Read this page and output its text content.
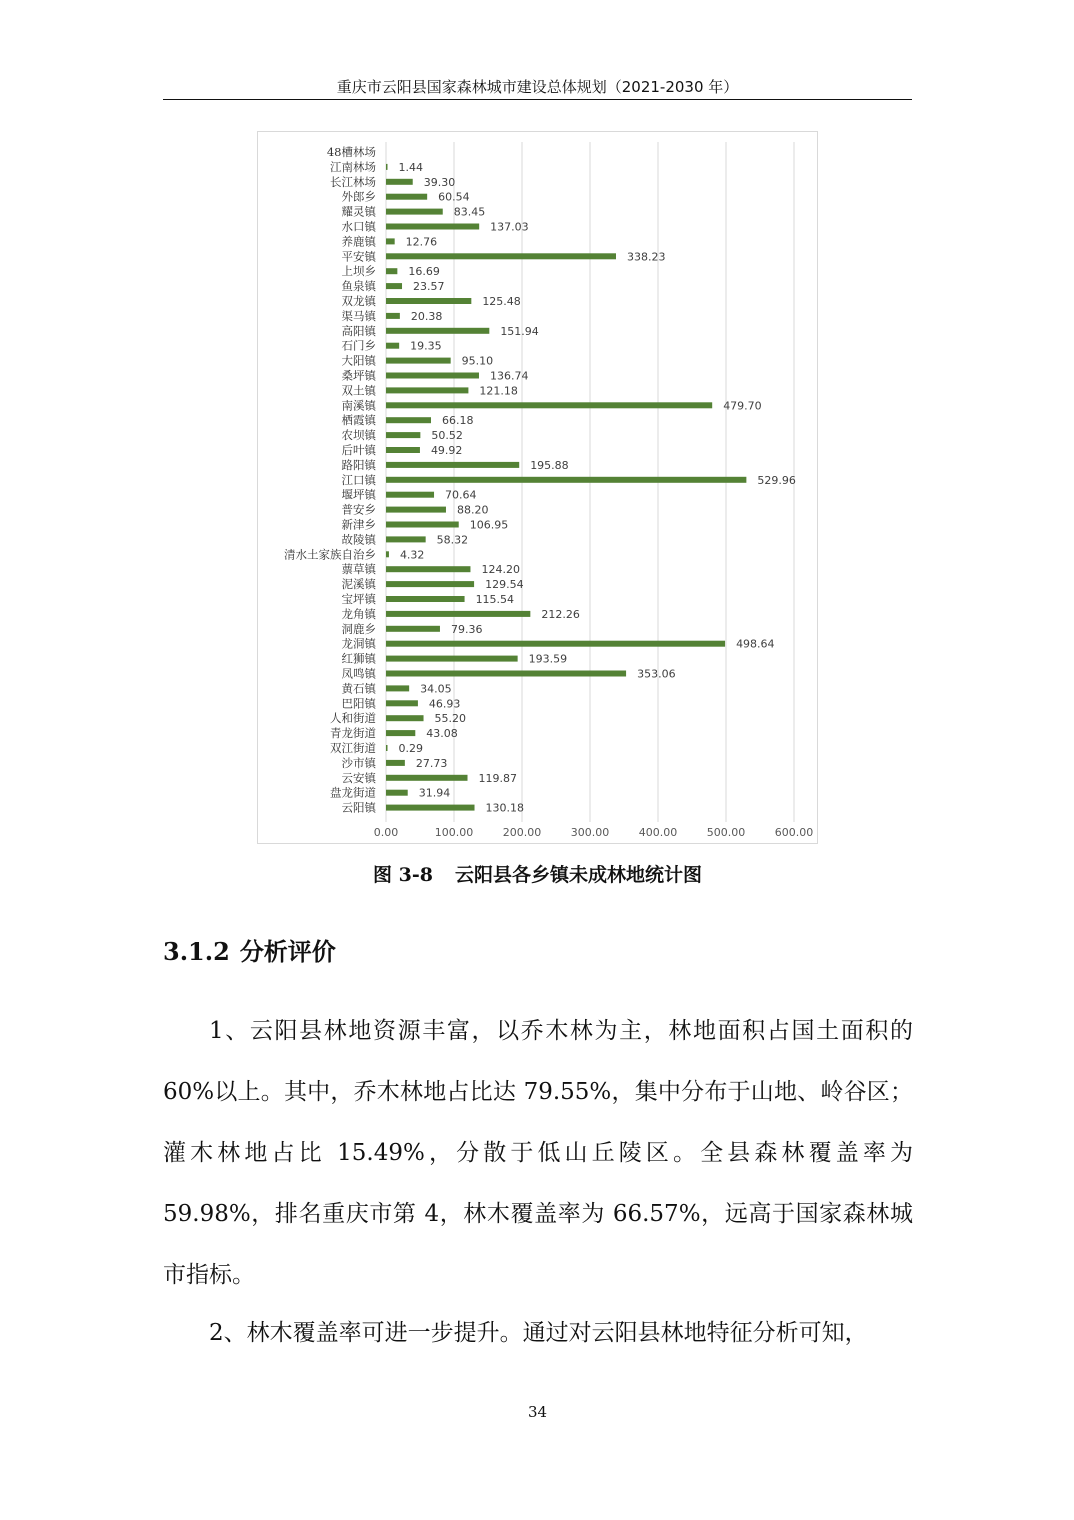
重庆市云阳县国家森林城市建设总体规划（2021-2030 年）
0.00	100.00	200.00	300.00	400.00	500.00	600.00
48槽林场
江南林场 1.44
长江林场	39.30
外郎乡	60.54
耀灵镇	83.45
水口镇	137.03
养鹿镇	12.76
平安镇	338.23
上坝乡	16.69
鱼泉镇	23.57
双龙镇	125.48
渠马镇	20.38
高阳镇	151.94
石门乡	19.35
大阳镇	95.10
桑坪镇	136.74
双土镇	121.18
南溪镇	479.70
栖霞镇	66.18
农坝镇	50.52
后叶镇	49.92
路阳镇	195.88
江口镇	529.96
堰坪镇	70.64
普安乡	88.20
新津乡	106.95
故陵镇	58.32
清水土家族自治乡 4.32
蔈草镇	124.20
泥溪镇	129.54
宝坪镇	115.54
龙角镇	212.26
洞鹿乡	79.36
龙洞镇	498.64
红狮镇	193.59
凤鸣镇	353.06
黄石镇	34.05
巴阳镇	46.93
人和街道	55.20
青龙街道	43.08
双江街道 0.29
沙市镇	27.73
云安镇	119.87
盘龙街道	31.94
云阳镇	130.18
图 3-8 云阳县各乡镇未成林地统计图
3.1.2 分析评价

1、云阳县林地资源丰富，以乔木林为主，林地面积占国土面积的 60%以上。其中，乔木林地占比达 79.55%，集中分布于山地、岭谷区；灌木林地占比 15.49%，分散于低山丘陵区。全县森林覆盖率为 59.98%，排名重庆市第 4，林木覆盖率为 66.57%，远高于国家森林城市指标。

2、林木覆盖率可进一步提升。通过对云阳县林地特征分析可知，

34
